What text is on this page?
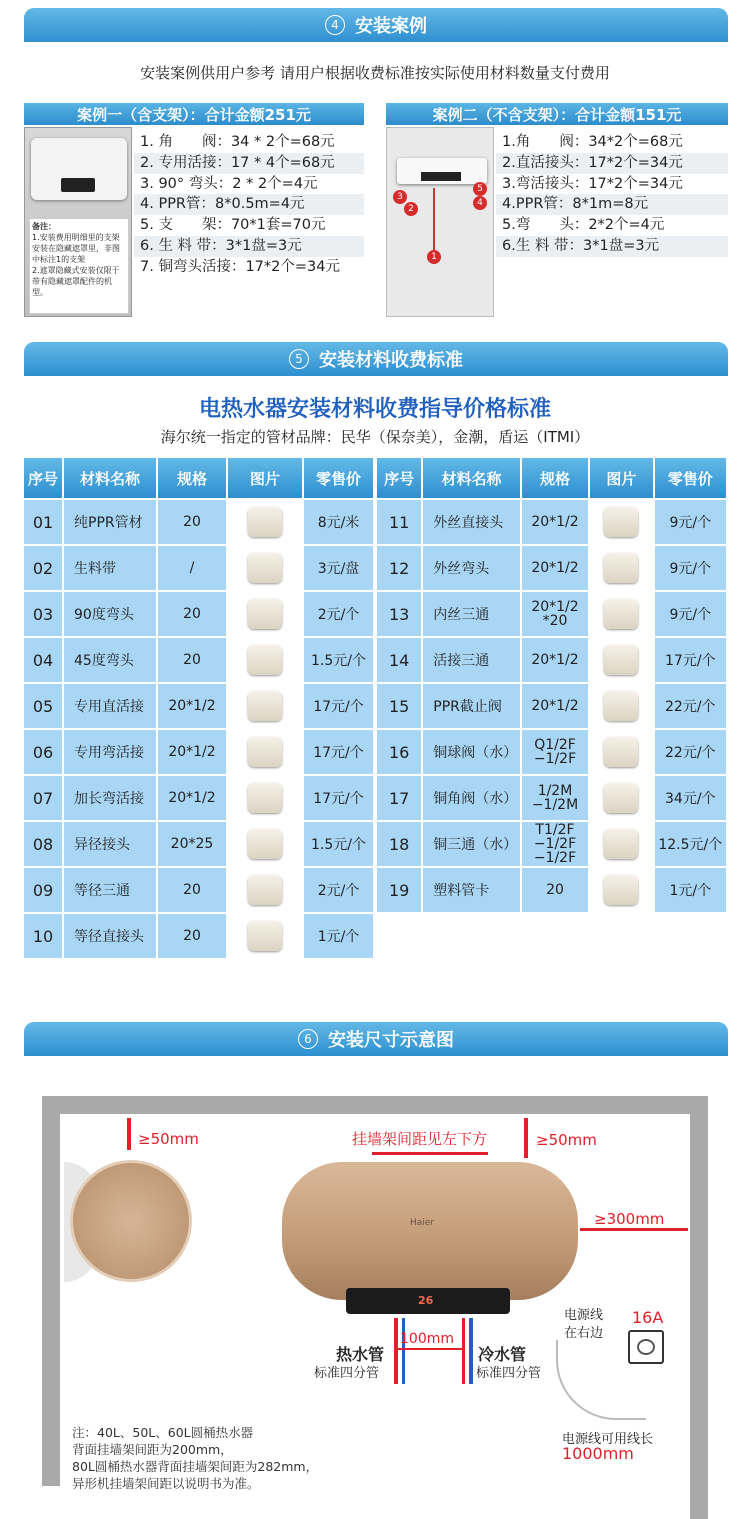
4 安装案例
安装案例供用户参考 请用户根据收费标准按实际使用材料数量支付费用
案例一（含支架）：合计金额251元
备注：
1.安装费用明细里的支架安装在隐藏遮罩里，非图中标注1的支架
2.遮罩隐藏式安装仅限于带有隐藏遮罩配件的机型。
1. 角　　阀：34 * 2个=68元
2. 专用活接：17 * 4个=68元
3. 90° 弯头：2 * 2个=4元
4. PPR管：8*0.5m=4元
5. 支　　架：70*1套=70元
6. 生 料 带：3*1盘=3元
7. 铜弯头活接：17*2个=34元
案例二（不含支架）：合计金额151元
1
2
3
4
5
1.角　　阀：34*2个=68元
2.直活接头：17*2个=34元
3.弯活接头：17*2个=34元
4.PPR管：8*1m=8元
5.弯　　头：2*2个=4元
6.生 料 带：3*1盘=3元
5 安装材料收费标准
电热水器安装材料收费指导价格标准
海尔统一指定的管材品牌：民华（保奈美），金潮，盾运（ITMI）
序号	材料名称	规格	图片	零售价
01	纯PPR管材	20		8元/米
02	生料带	/		3元/盘
03	90度弯头	20		2元/个
04	45度弯头	20		1.5元/个
05	专用直活接	20*1/2		17元/个
06	专用弯活接	20*1/2		17元/个
07	加长弯活接	20*1/2		17元/个
08	异径接头	20*25		1.5元/个
09	等径三通	20		2元/个
10	等径直接头	20		1元/个
序号	材料名称	规格	图片	零售价
11	外丝直接头	20*1/2		9元/个
12	外丝弯头	20*1/2		9元/个
13	内丝三通	20*1/2
*20		9元/个
14	活接三通	20*1/2		17元/个
15	PPR截止阀	20*1/2		22元/个
16	铜球阀（水）	Q1/2F
−1/2F		22元/个
17	铜角阀（水）	1/2M
−1/2M		34元/个
18	铜三通（水）	T1/2F
−1/2F
−1/2F		12.5元/个
19	塑料管卡	20		1元/个
6 安装尺寸示意图
≥50mm
Haier
26
挂墙架间距见左下方	≥50mm
≥300mm
100mm
热水管
标准四分管
冷水管
标准四分管
电源线
在右边
16A
电源线可用线长
1000mm
注：40L、50L、60L圆桶热水器
背面挂墙架间距为200mm，
80L圆桶热水器背面挂墙架间距为282mm，
异形机挂墙架间距以说明书为准。
